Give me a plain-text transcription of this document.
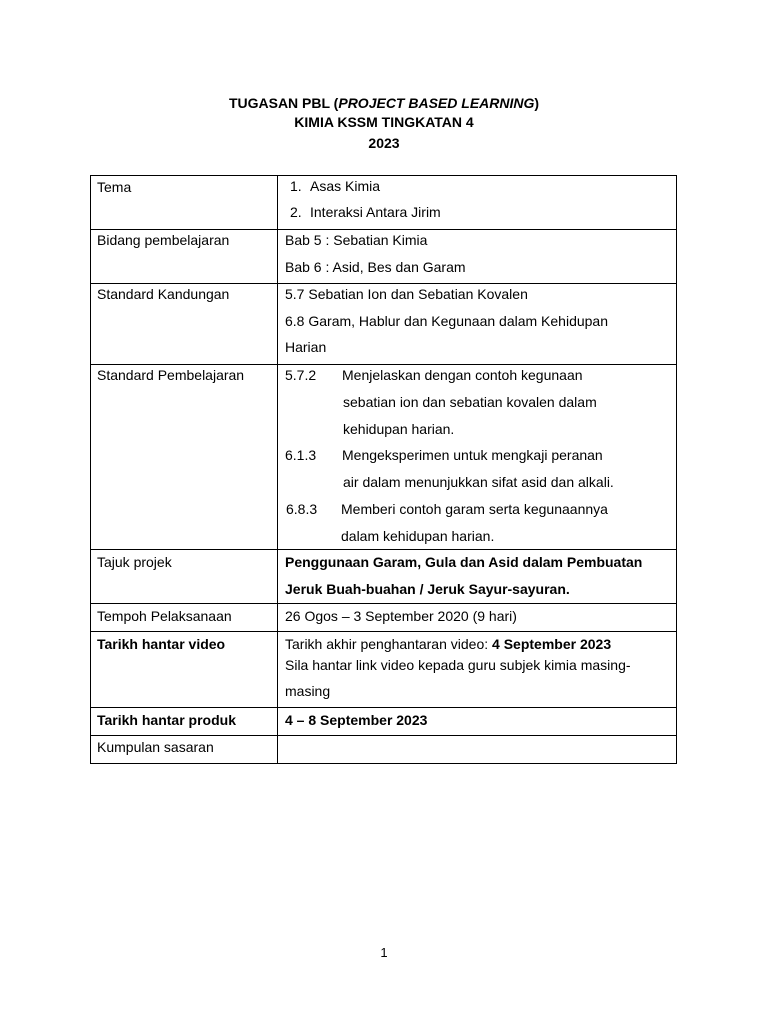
TUGASAN PBL (PROJECT BASED LEARNING)
KIMIA KSSM TINGKATAN 4
2023
Tema	1. Asas Kimia
2. Interaksi Antara Jirim
Bidang pembelajaran	Bab 5 : Sebatian Kimia
Bab 6 : Asid, Bes dan Garam
Standard Kandungan	5.7 Sebatian Ion dan Sebatian Kovalen
6.8 Garam, Hablur dan Kegunaan dalam Kehidupan
Harian
Standard Pembelajaran	5.7.2 Menjelaskan dengan contoh kegunaan
sebatian ion dan sebatian kovalen dalam
kehidupan harian.
6.1.3 Mengeksperimen untuk mengkaji peranan
air dalam menunjukkan sifat asid dan alkali.
6.8.3 Memberi contoh garam serta kegunaannya
dalam kehidupan harian.
Tajuk projek	Penggunaan Garam, Gula dan Asid dalam Pembuatan
Jeruk Buah-buahan / Jeruk Sayur-sayuran.
Tempoh Pelaksanaan	26 Ogos – 3 September 2020 (9 hari)
Tarikh hantar video	Tarikh akhir penghantaran video: 4 September 2023
Sila hantar link video kepada guru subjek kimia masing-
masing
Tarikh hantar produk	4 – 8 September 2023
Kumpulan sasaran
1
